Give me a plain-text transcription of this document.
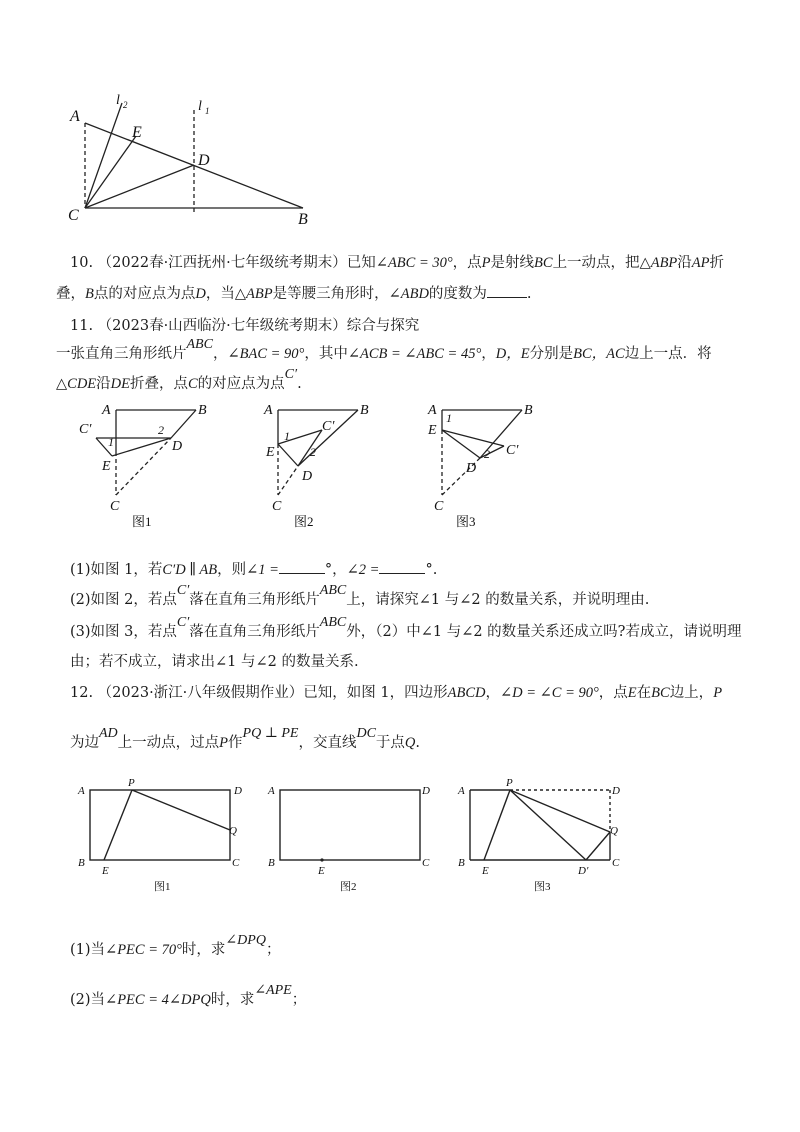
A
E
D
C	B
l 2	l 1
10. （2022春·江西抚州·七年级统考期末）已知∠ABC = 30°，点P是射线BC上一动点，把△ABP沿AP折
叠，B点的对应点为点D，当△ABP是等腰三角形时，∠ABD的度数为	.
11. （2023春·山西临汾·七年级统考期末）综合与探究
一张直角三角形纸片ABC，∠BAC = 90°，其中∠ACB = ∠ABC = 45°，D，E分别是BC，AC边上一点．将
△CDE沿DE折叠，点C的对应点为点C′.
A	B
C′
1
2
D
E
C
图1
A	B
C′
1
2
E
D
C
图2
A	B
1
E
C′
2
D
C
图3
(1)如图 1，若C′D ∥ AB，则∠1 =	°，∠2 =	°.
(2)如图 2，若点C′落在直角三角形纸片ABC上，请探究∠1 与∠2 的数量关系，并说明理由.
(3)如图 3，若点C′落在直角三角形纸片ABC外，（2）中∠1 与∠2 的数量关系还成立吗?若成立，请说明理
由；若不成立，请求出∠1 与∠2 的数量关系.
12. （2023·浙江·八年级假期作业）已知，如图 1，四边形ABCD，∠D = ∠C = 90°，点E在BC边上，P
为边AD上一动点，过点P作PQ ⊥ PE，交直线DC于点Q.
A
P
D
Q
B
E
C
图1
A	D
B
E
C
图2
A
P
D
Q
B
E	D′
C
图3
(1)当∠PEC = 70°时，求∠DPQ；
(2)当∠PEC = 4∠DPQ时，求∠APE；
